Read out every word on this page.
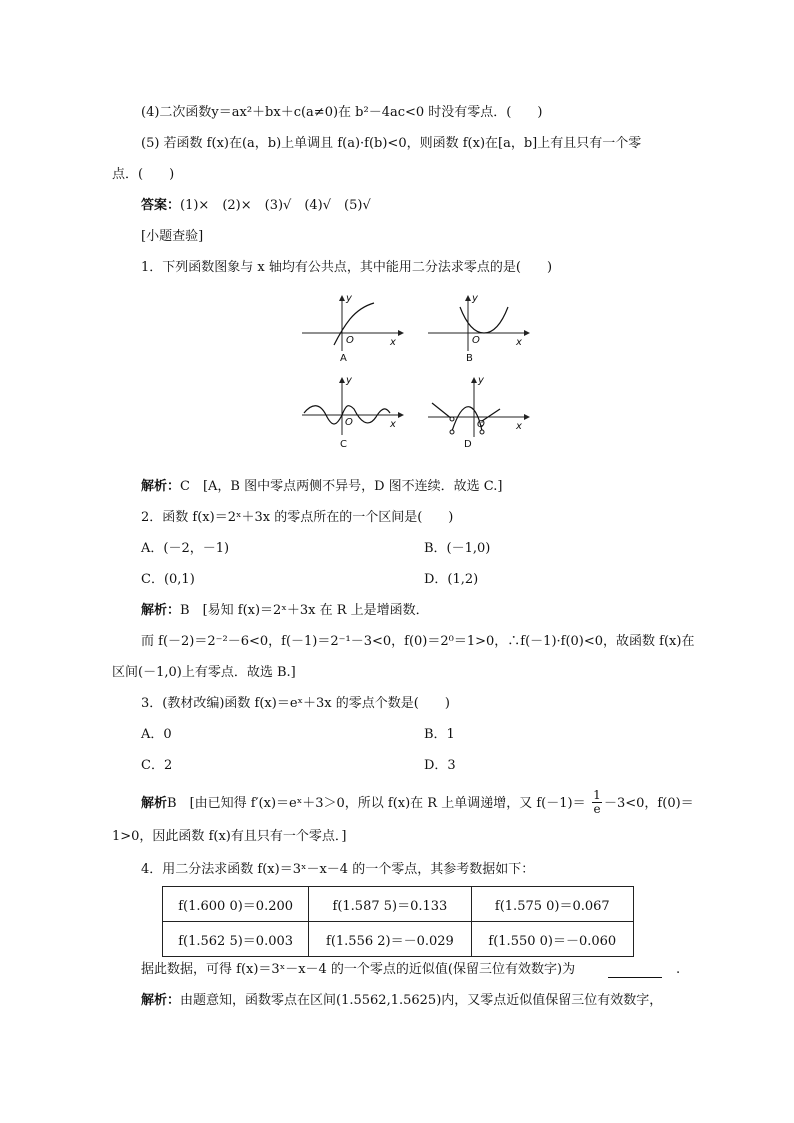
(4)二次函数y＝ax²＋bx＋c(a≠0)在 b²－4ac<0 时没有零点．(　　)
(5) 若函数 f(x)在(a，b)上单调且 f(a)·f(b)<0，则函数 f(x)在[a，b]上有且只有一个零
点．(　　)
答案：(1)×　(2)×　(3)√　(4)√　(5)√
[小题查验]
1．下列函数图象与 x 轴均有公共点，其中能用二分法求零点的是(　　)
y
x
O
A
y
x
O
B
y
x
O
C
y
x
O
D
解析：C　[A，B 图中零点两侧不异号，D 图不连续．故选 C.]
2．函数 f(x)＝2ˣ＋3x 的零点所在的一个区间是(　　)
A．(－2，－1)	B．(－1,0)
C．(0,1)	D．(1,2)
解析：B　[易知 f(x)＝2ˣ＋3x 在 R 上是增函数．
而 f(－2)＝2⁻²－6<0，f(－1)＝2⁻¹－3<0，f(0)＝2⁰＝1>0，∴f(－1)·f(0)<0，故函数 f(x)在
区间(－1,0)上有零点．故选 B.]
3．(教材改编)函数 f(x)＝eˣ＋3x 的零点个数是(　　)
A．0	B．1
C．2	D．3
解析B　[由已知得 f′(x)＝eˣ＋3＞0，所以 f(x)在 R 上单调递增，又 $f(-1)= \frac{1}{e} -3<0$，f(0)＝
1>0，因此函数 f(x)有且只有一个零点．]
4．用二分法求函数 f(x)＝3ˣ－x－4 的一个零点，其参考数据如下：
f(1.600 0)＝0.200	f(1.587 5)＝0.133	f(1.575 0)＝0.067
f(1.562 5)＝0.003	f(1.556 2)＝－0.029	f(1.550 0)＝－0.060
据此数据，可得 f(x)＝3ˣ－x－4 的一个零点的近似值(保留三位有效数字)为	.
解析：由题意知，函数零点在区间(1.5562,1.5625)内，又零点近似值保留三位有效数字，
